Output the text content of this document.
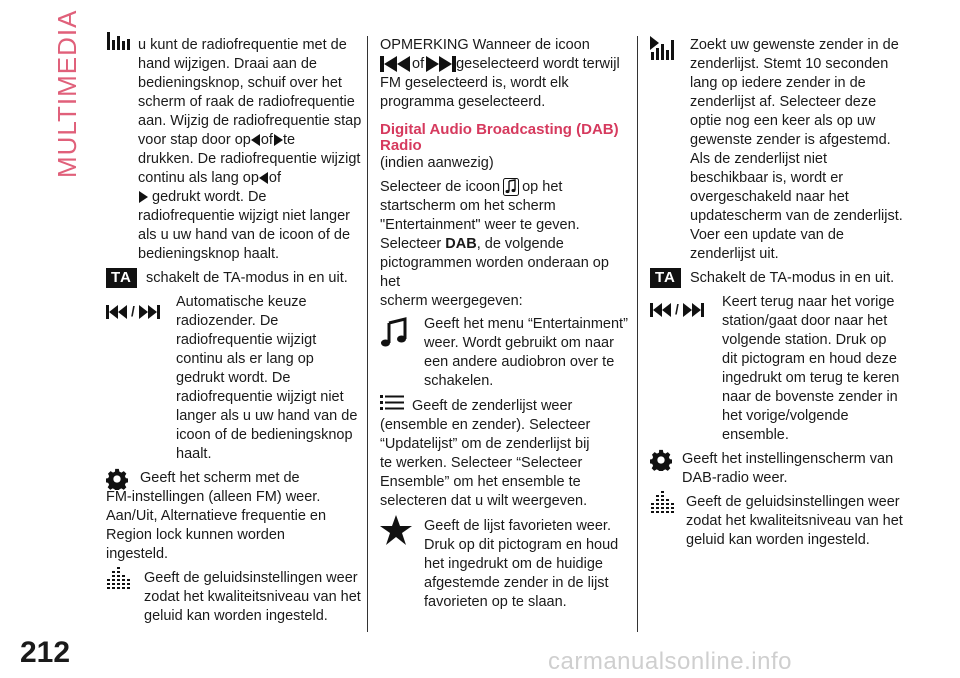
MULTIMEDIA
212	carmanualsonline.info

u kunt de radiofrequentie met de

hand wijzigen. Draai aan de

bedieningsknop, schuif over het

scherm of raak de radiofrequentie

aan. Wijzig de radiofrequentie stap

voor stap door op of te

drukken. De radiofrequentie wijzigt

continu als lang op of

gedrukt wordt. De

radiofrequentie wijzigt niet langer

als u uw hand van de icoon of de

bedieningsknop haalt.

TA schakelt de TA-modus in en uit.

/

Automatische keuze

radiozender. De

radiofrequentie wijzigt

continu als er lang op

gedrukt wordt. De

radiofrequentie wijzigt niet

langer als u uw hand van de

icoon of de bedieningsknop

haalt.

Geeft het scherm met de

FM-instellingen (alleen FM) weer.

Aan/Uit, Alternatieve frequentie en

Region lock kunnen worden

ingesteld.

Geeft de geluidsinstellingen weer

zodat het kwaliteitsniveau van het

geluid kan worden ingesteld.

OPMERKING Wanneer de icoon

of geselecteerd wordt terwijl

FM geselecteerd is, wordt elk

programma geselecteerd.

Digital Audio Broadcasting (DAB)

Radio

(indien aanwezig)

Selecteer de icoon op het

startscherm om het scherm

"Entertainment" weer te geven.

Selecteer DAB, de volgende

pictogrammen worden onderaan op het

scherm weergegeven:

Geeft het menu “Entertainment”

weer. Wordt gebruikt om naar

een andere audiobron over te

schakelen.

Geeft de zenderlijst weer

(ensemble en zender). Selecteer

“Updatelijst” om de zenderlijst bij

te werken. Selecteer “Selecteer

Ensemble” om het ensemble te

selecteren dat u wilt weergeven.

Geeft de lijst favorieten weer.

Druk op dit pictogram en houd

het ingedrukt om de huidige

afgestemde zender in de lijst

favorieten op te slaan.

Zoekt uw gewenste zender in de

zenderlijst. Stemt 10 seconden

lang op iedere zender in de

zenderlijst af. Selecteer deze

optie nog een keer als op uw

gewenste zender is afgestemd.

Als de zenderlijst niet

beschikbaar is, wordt er

overgeschakeld naar het

updatescherm van de zenderlijst.

Voer een update van de

zenderlijst uit.

TA Schakelt de TA-modus in en uit.

/	Keert terug naar het vorige

station/gaat door naar het

volgende station. Druk op

dit pictogram en houd deze

ingedrukt om terug te keren

naar de bovenste zender in

het vorige/volgende

ensemble.

Geeft het instellingenscherm van

DAB-radio weer.

Geeft de geluidsinstellingen weer

zodat het kwaliteitsniveau van het

geluid kan worden ingesteld.
